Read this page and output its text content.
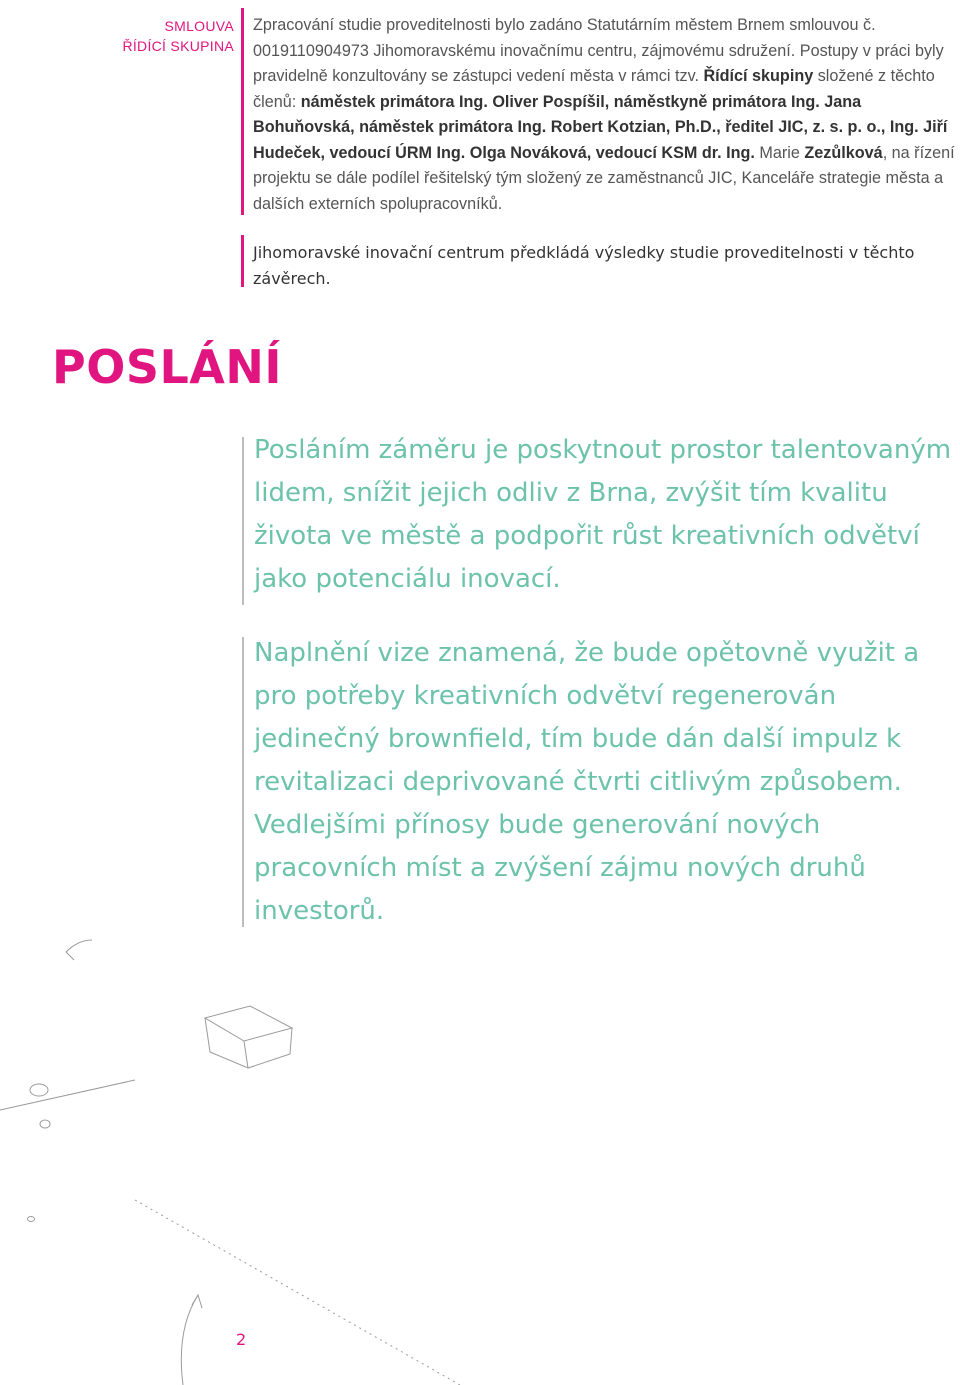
SMLOUVA
ŘÍDÍCÍ SKUPINA
Zpracování studie proveditelnosti bylo zadáno Statutárním městem Brnem smlouvou č. 0019110904973 Jihomoravskému inovačnímu centru, zájmovému sdružení. Postupy v práci byly pravidelně konzultovány se zástupci vedení města v rámci tzv. Řídící skupiny složené z těchto členů: náměstek primátora Ing. Oliver Pospíšil, náměstkyně primátora Ing. Jana Bohuňovská, náměstek primátora Ing. Robert Kotzian, Ph.D., ředitel JIC, z. s. p. o., Ing. Jiří Hudeček, vedoucí ÚRM Ing. Olga Nováková, vedoucí KSM dr. Ing. Marie Zezůlková, na řízení projektu se dále podílel řešitelský tým složený ze zaměstnanců JIC, Kanceláře strategie města a dalších externích spolupracovníků.
Jihomoravské inovační centrum předkládá výsledky studie proveditelnosti v těchto závěrech.
POSLÁNÍ

Posláním záměru je poskytnout prostor talentovaným lidem, snížit jejich odliv z Brna, zvýšit tím kvalitu života ve městě a podpořit růst kreativních odvětví jako potenciálu inovací.

Naplnění vize znamená, že bude opětovně využit a pro potřeby kreativních odvětví regenerován jedinečný brownfield, tím bude dán další impulz k revitalizaci deprivované čtvrti citlivým způsobem. Vedlejšími přínosy bude generování nových pracovních míst a zvýšení zájmu nových druhů investorů.

2
